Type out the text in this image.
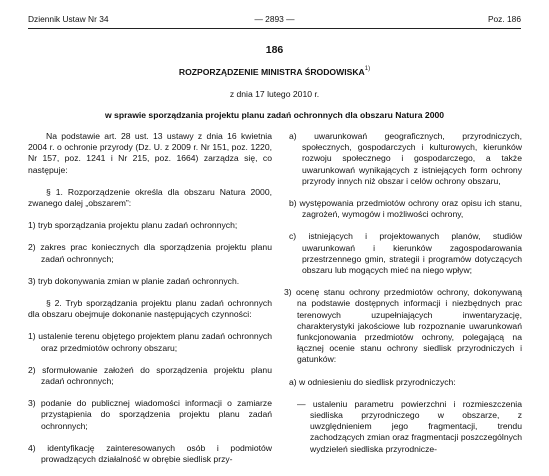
Dziennik Ustaw Nr 34	— 2893 —	Poz. 186
186
ROZPORZĄDZENIE MINISTRA ŚRODOWISKA$^{1)}$
z dnia 17 lutego 2010 r.
w sprawie sporządzania projektu planu zadań ochronnych dla obszaru Natura 2000

Na podstawie art. 28 ust. 13 ustawy z dnia 16 kwietnia 2004 r. o ochronie przyrody (Dz. U. z 2009 r. Nr 151, poz. 1220, Nr 157, poz. 1241 i Nr 215, poz. 1664) zarządza się, co następuje:

§ 1. Rozporządzenie określa dla obszaru Natura 2000, zwanego dalej „obszarem”:

1) tryb sporządzania projektu planu zadań ochronnych;

2) zakres prac koniecznych dla sporządzenia projektu planu zadań ochronnych;

3) tryb dokonywania zmian w planie zadań ochronnych.

§ 2. Tryb sporządzania projektu planu zadań ochronnych dla obszaru obejmuje dokonanie następujących czynności:

1) ustalenie terenu objętego projektem planu zadań ochronnych oraz przedmiotów ochrony obszaru;

2) sformułowanie założeń do sporządzenia projektu planu zadań ochronnych;

3) podanie do publicznej wiadomości informacji o zamiarze przystąpienia do sporządzenia projektu planu zadań ochronnych;

4) identyfikację zainteresowanych osób i podmiotów prowadzących działalność w obrębie siedlisk przy-

a) uwarunkowań geograficznych, przyrodniczych, społecznych, gospodarczych i kulturowych, kierunków rozwoju społecznego i gospodarczego, a także uwarunkowań wynikających z istniejących form ochrony przyrody innych niż obszar i celów ochrony obszaru,

b) występowania przedmiotów ochrony oraz opisu ich stanu, zagrożeń, wymogów i możliwości ochrony,

c) istniejących i projektowanych planów, studiów uwarunkowań i kierunków zagospodarowania przestrzennego gmin, strategii i programów dotyczących obszaru lub mogących mieć na niego wpływ;

3) ocenę stanu ochrony przedmiotów ochrony, dokonywaną na podstawie dostępnych informacji i niezbędnych prac terenowych uzupełniających inwentaryzację, charakterystyki jakościowe lub rozpoznanie uwarunkowań funkcjonowania przedmiotów ochrony, polegającą na łącznej ocenie stanu ochrony siedlisk przyrodniczych i gatunków:

a) w odniesieniu do siedlisk przyrodniczych:

— ustaleniu parametru powierzchni i rozmieszczenia siedliska przyrodniczego w obszarze, z uwzględnieniem jego fragmentacji, trendu zachodzących zmian oraz fragmentacji poszczególnych wydzieleń siedliska przyrodnicze-
